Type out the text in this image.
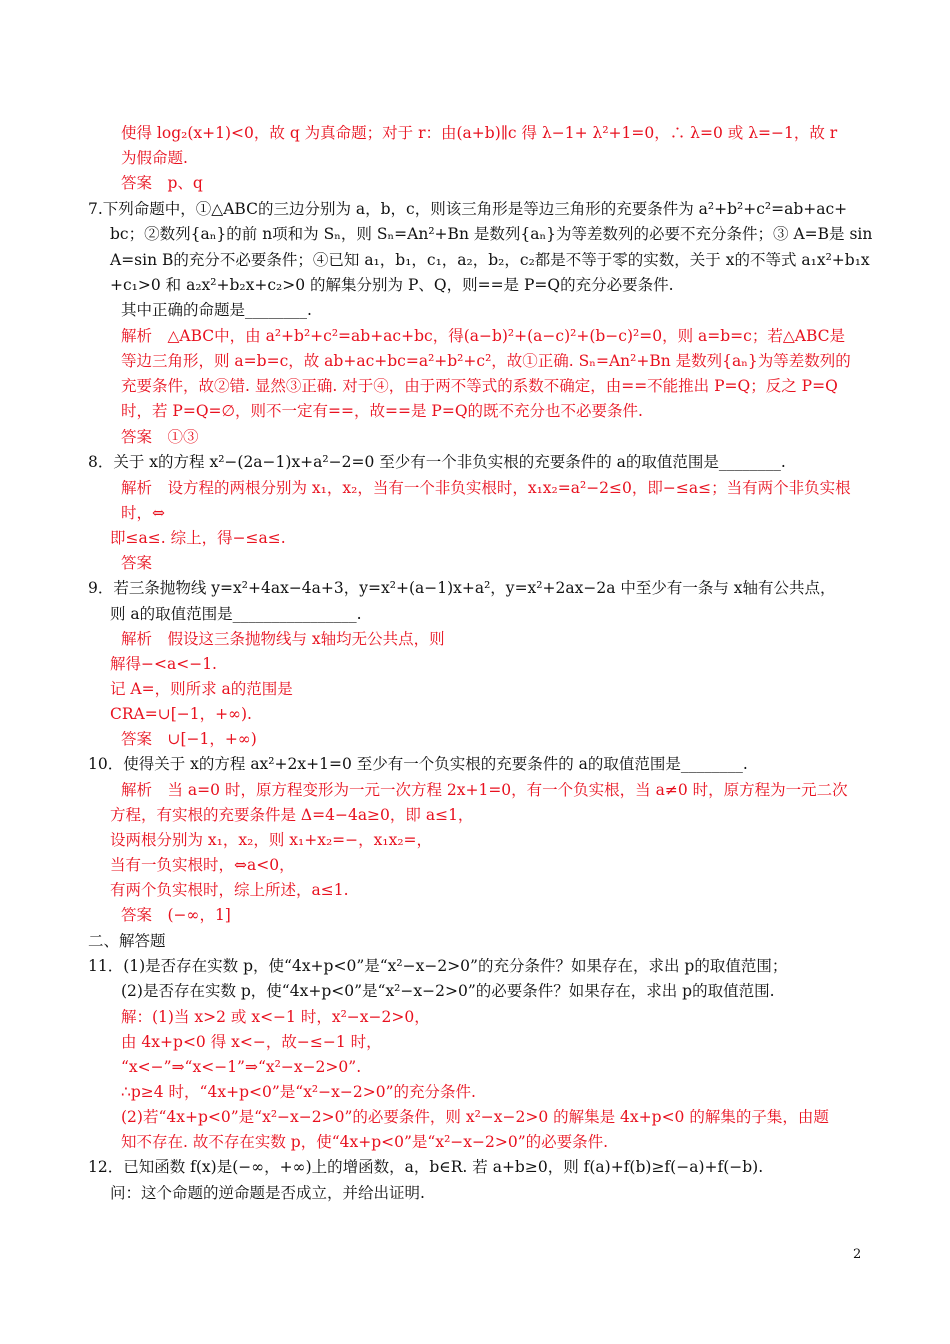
使得 log₂(x+1)<0，故 q 为真命题；对于 r：由(a+b)∥c 得 λ−1+ λ²+1=0，∴ λ=0 或 λ=−1，故 r
为假命题.
答案　p、q
7.下列命题中，①△ABC的三边分别为 a，b，c，则该三角形是等边三角形的充要条件为 a²+b²+c²=ab+ac+
bc；②数列{aₙ}的前 n项和为 Sₙ，则 Sₙ=An²+Bn 是数列{aₙ}为等差数列的必要不充分条件；③ A=B是 sin
A=sin B的充分不必要条件；④已知 a₁，b₁，c₁，a₂，b₂，c₂都是不等于零的实数，关于 x的不等式 a₁x²+b₁x
+c₁>0 和 a₂x²+b₂x+c₂>0 的解集分别为 P、Q，则==是 P=Q的充分必要条件.
其中正确的命题是________.
解析　△ABC中，由 a²+b²+c²=ab+ac+bc，得(a−b)²+(a−c)²+(b−c)²=0，则 a=b=c；若△ABC是
等边三角形，则 a=b=c，故 ab+ac+bc=a²+b²+c²，故①正确. Sₙ=An²+Bn 是数列{aₙ}为等差数列的
充要条件，故②错. 显然③正确. 对于④，由于两不等式的系数不确定，由==不能推出 P=Q；反之 P=Q
时，若 P=Q=∅，则不一定有==，故==是 P=Q的既不充分也不必要条件.
答案　①③
8．关于 x的方程 x²−(2a−1)x+a²−2=0 至少有一个非负实根的充要条件的 a的取值范围是________.
解析　设方程的两根分别为 x₁，x₂，当有一个非负实根时，x₁x₂=a²−2≤0，即−≤a≤；当有两个非负实根
时，⇔
即≤a≤. 综上，得−≤a≤.
答案
9．若三条抛物线 y=x²+4ax−4a+3，y=x²+(a−1)x+a²，y=x²+2ax−2a 中至少有一条与 x轴有公共点，
则 a的取值范围是________________.
解析　假设这三条抛物线与 x轴均无公共点，则
解得−<a<−1.
记 A=，则所求 a的范围是
CRA=∪[−1，+∞).
答案　∪[−1，+∞)
10．使得关于 x的方程 ax²+2x+1=0 至少有一个负实根的充要条件的 a的取值范围是________.
解析　当 a=0 时，原方程变形为一元一次方程 2x+1=0，有一个负实根，当 a≠0 时，原方程为一元二次
方程，有实根的充要条件是 Δ=4−4a≥0，即 a≤1，
设两根分别为 x₁，x₂，则 x₁+x₂=−，x₁x₂=，
当有一负实根时，⇔a<0，
有两个负实根时，综上所述，a≤1.
答案　(−∞，1]
二、解答题
11．(1)是否存在实数 p，使“4x+p<0”是“x²−x−2>0”的充分条件？如果存在，求出 p的取值范围；
(2)是否存在实数 p，使“4x+p<0”是“x²−x−2>0”的必要条件？如果存在，求出 p的取值范围.
解：(1)当 x>2 或 x<−1 时，x²−x−2>0，
由 4x+p<0 得 x<−，故−≤−1 时，
“x<−”⇒“x<−1”⇒“x²−x−2>0”.
∴p≥4 时，“4x+p<0”是“x²−x−2>0”的充分条件.
(2)若“4x+p<0”是“x²−x−2>0”的必要条件，则 x²−x−2>0 的解集是 4x+p<0 的解集的子集，由题
知不存在. 故不存在实数 p，使“4x+p<0”是“x²−x−2>0”的必要条件.
12．已知函数 f(x)是(−∞，+∞)上的增函数，a，b∈R. 若 a+b≥0，则 f(a)+f(b)≥f(−a)+f(−b).
问：这个命题的逆命题是否成立，并给出证明.
2
